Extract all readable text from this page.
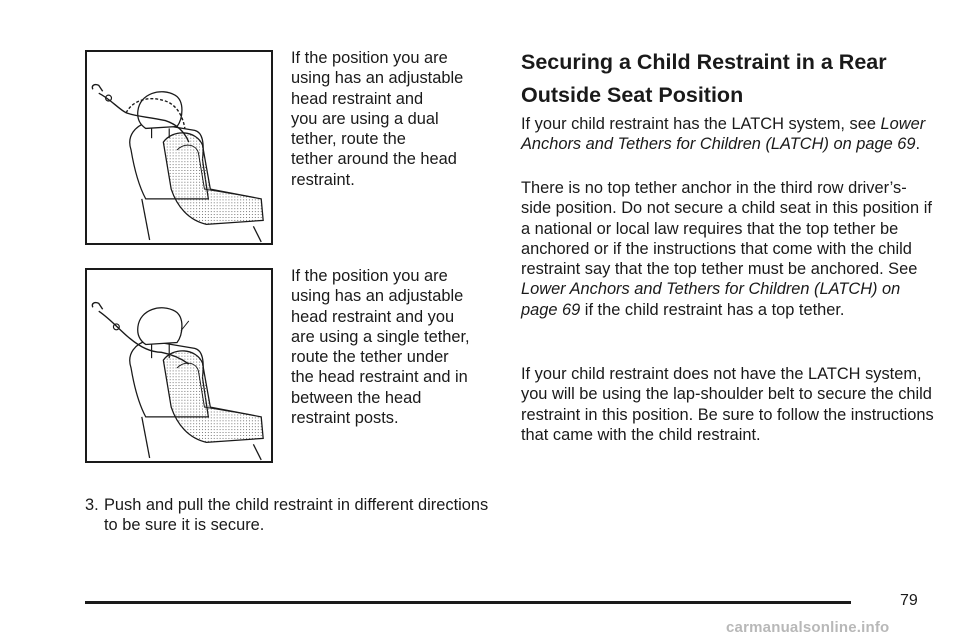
If the position you are
using has an adjustable
head restraint and
you are using a dual
tether, route the
tether around the head
restraint.

If the position you are
using has an adjustable
head restraint and you
are using a single tether,
route the tether under
the head restraint and in
between the head
restraint posts.

3. Push and pull the child restraint in different directions to be sure it is secure.

Securing a Child Restraint in a Rear
Outside Seat Position

If your child restraint has the LATCH system, see Lower Anchors and Tethers for Children (LATCH) on page 69.

There is no top tether anchor in the third row driver’s-side position. Do not secure a child seat in this position if a national or local law requires that the top tether be anchored or if the instructions that come with the child restraint say that the top tether must be anchored. See Lower Anchors and Tethers for Children (LATCH) on page 69 if the child restraint has a top tether.

If your child restraint does not have the LATCH system, you will be using the lap-shoulder belt to secure the child restraint in this position. Be sure to follow the instructions that came with the child restraint.

79

carmanualsonline.info
